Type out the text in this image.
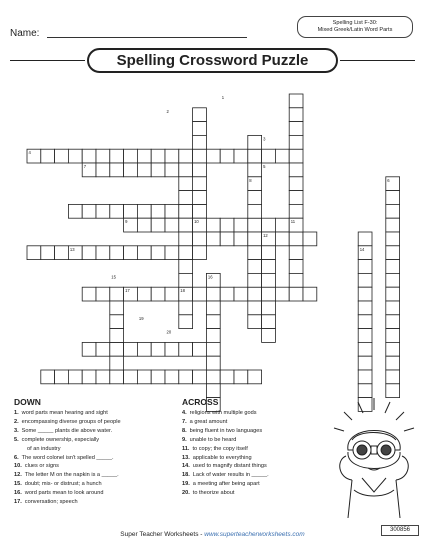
Name:
Spelling List F-30:
Mixed Greek/Latin Word Parts
Spelling Crossword Puzzle
1
2
3
4
5
6
7
8
9	10	11
12
13	14
15	16
17	18
19
20
DOWN
1. word parts mean hearing and sight
2. encompassing diverse groups of people
3. Some _____ plants die above water.
5. complete ownership, especially
of an industry
6. The word colonel isn't spelled _____.
10. clues or signs
12. The letter M on the napkin is a _____.
15. doubt; mis- or distrust; a hunch
16. word parts mean to look around
17. conversation; speech
ACROSS
4. religions with multiple gods
7. a great amount
8. being fluent in two languages
9. unable to be heard
11. to copy; the copy itself
13. applicable to everything
14. used to magnify distant things
18. Lack of water results in _____.
19. a meeting after being apart
20. to theorize about
Super Teacher Worksheets - www.superteacherworksheets.com
300856
